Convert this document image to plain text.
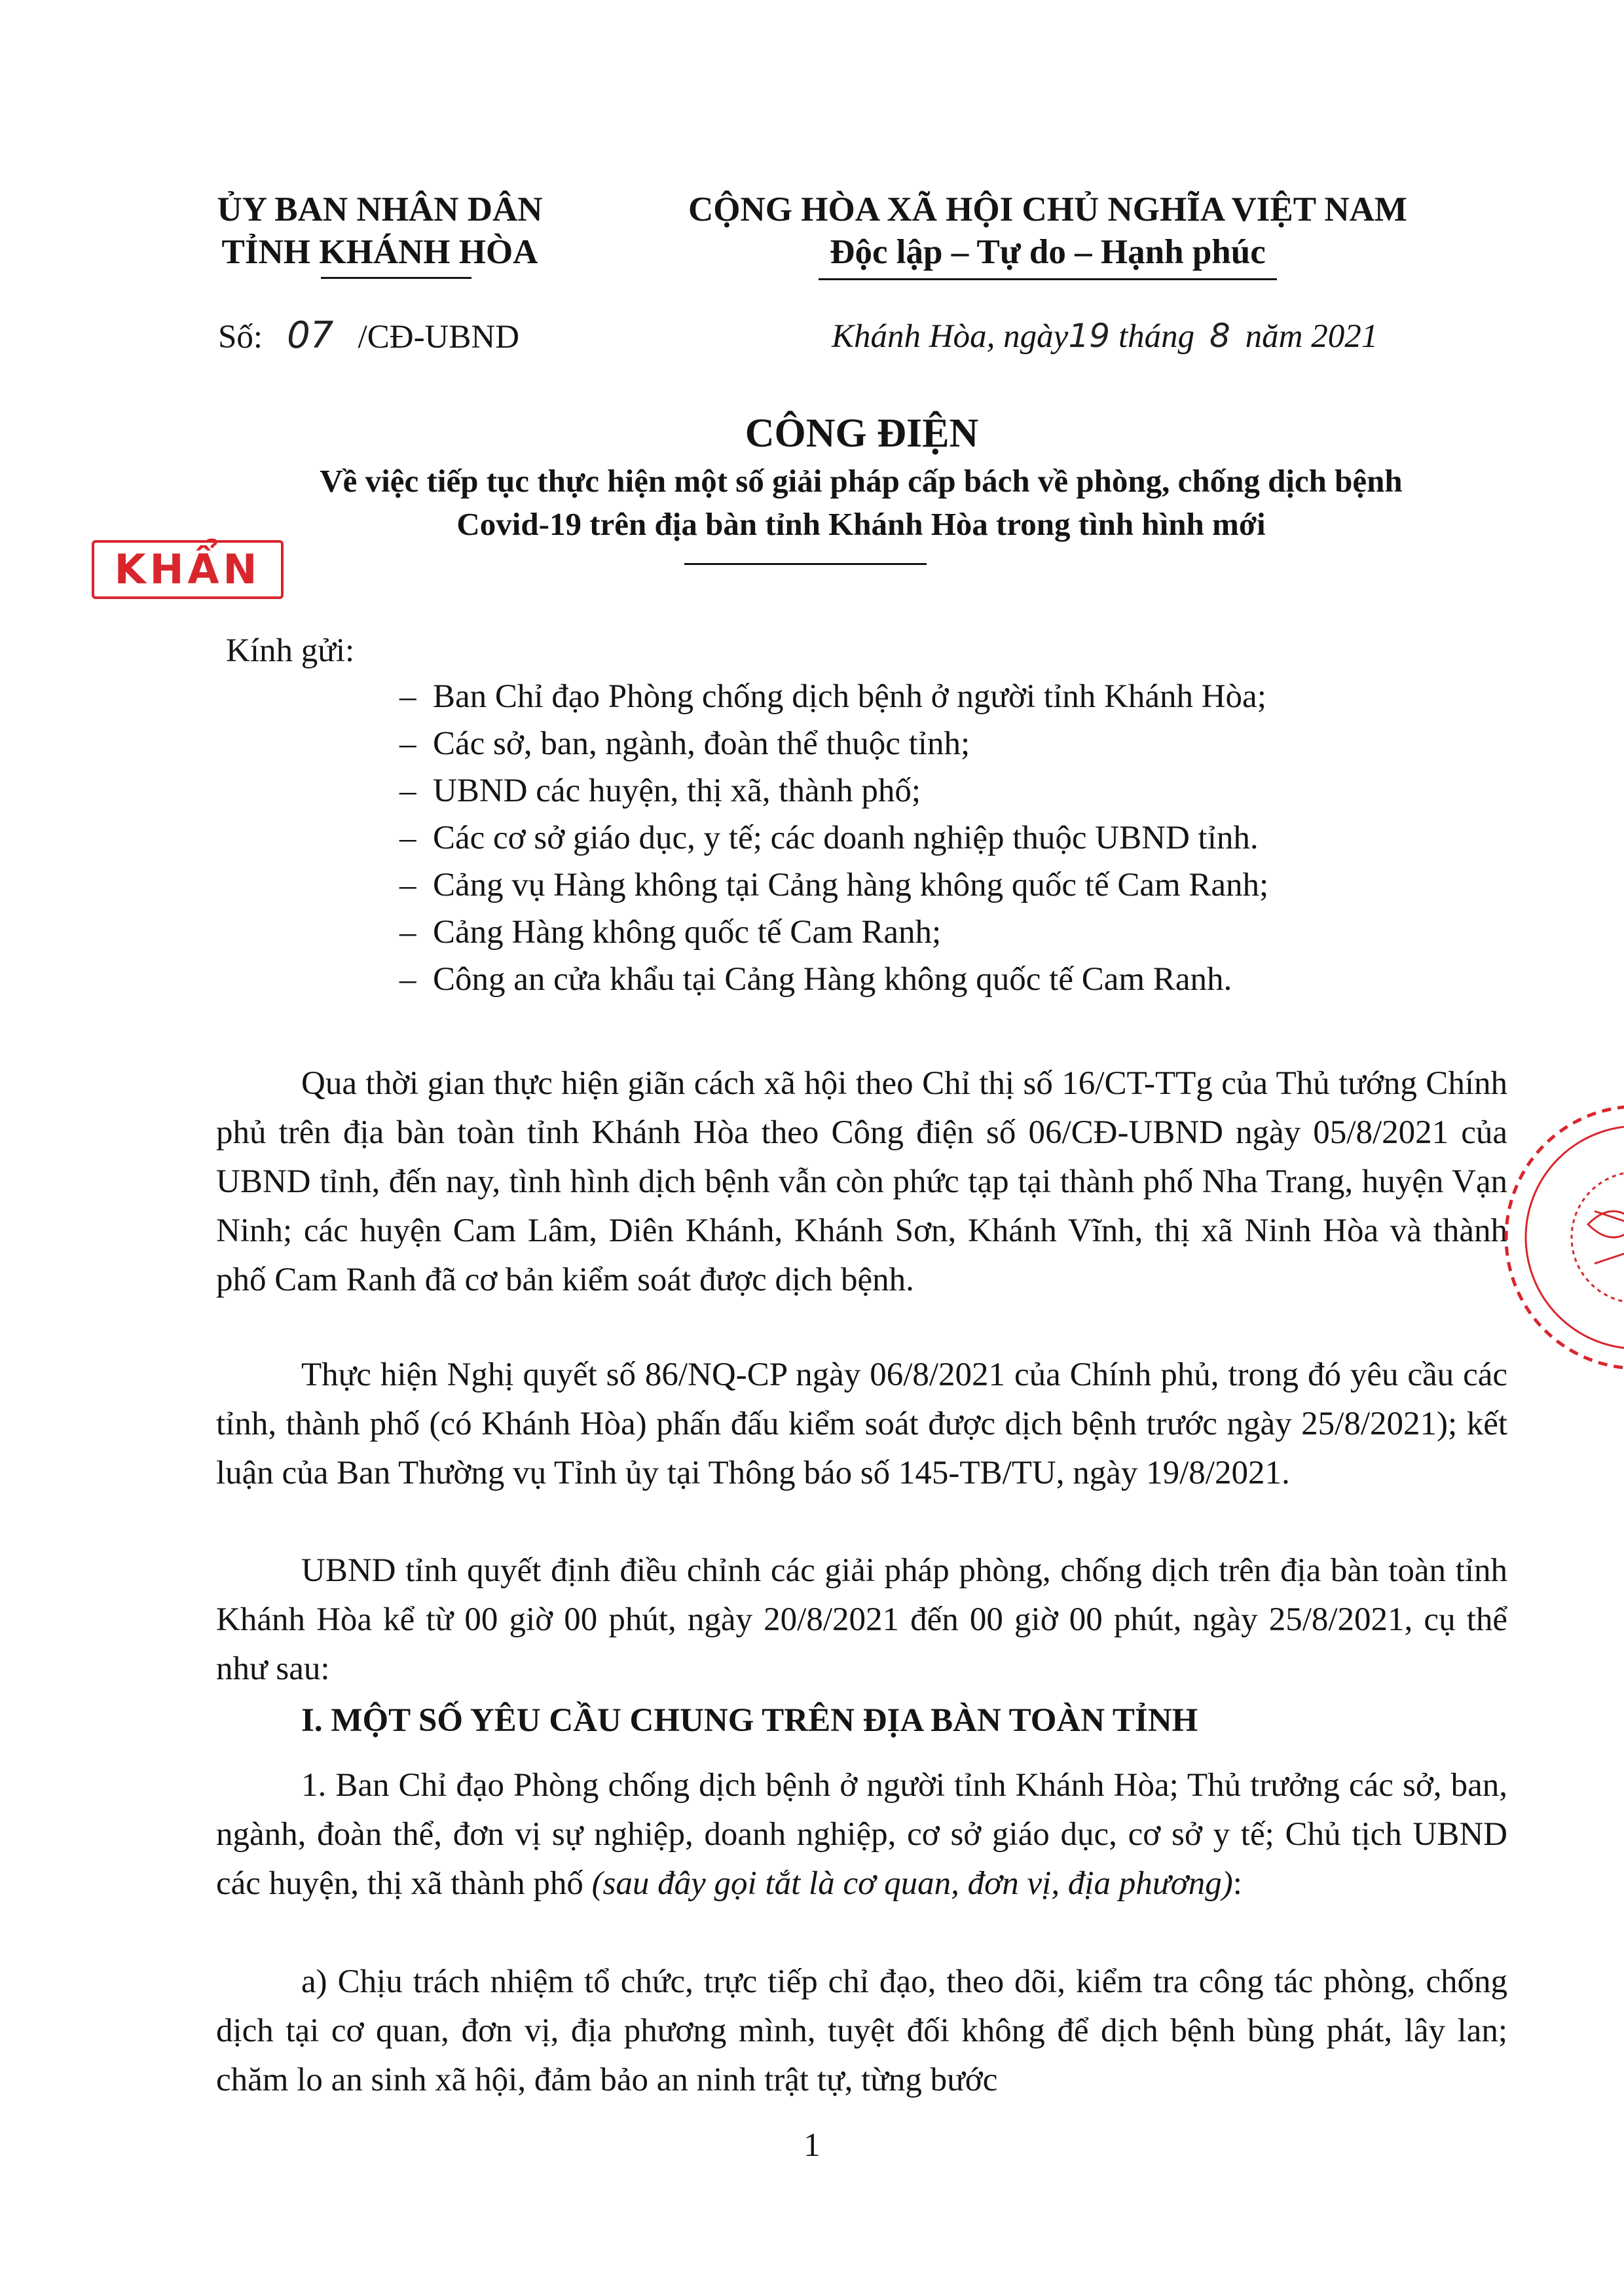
ỦY BAN NHÂN DÂN
TỈNH KHÁNH HÒA
CỘNG HÒA XÃ HỘI CHỦ NGHĨA VIỆT NAM
Độc lập – Tự do – Hạnh phúc
Số: 07 /CĐ-UBND	Khánh Hòa, ngày19 tháng 8 năm 2021
CÔNG ĐIỆN
Về việc tiếp tục thực hiện một số giải pháp cấp bách về phòng, chống dịch bệnh
Covid-19 trên địa bàn tỉnh Khánh Hòa trong tình hình mới
KHẨN
Kính gửi:
–  Ban Chỉ đạo Phòng chống dịch bệnh ở người tỉnh Khánh Hòa;
–  Các sở, ban, ngành, đoàn thể thuộc tỉnh;
–  UBND các huyện, thị xã, thành phố;
–  Các cơ sở giáo dục, y tế; các doanh nghiệp thuộc UBND tỉnh.
–  Cảng vụ Hàng không tại Cảng hàng không quốc tế Cam Ranh;
–  Cảng Hàng không quốc tế Cam Ranh;
–  Công an cửa khẩu tại Cảng Hàng không quốc tế Cam Ranh.

Qua thời gian thực hiện giãn cách xã hội theo Chỉ thị số 16/CT-TTg của Thủ tướng Chính phủ trên địa bàn toàn tỉnh Khánh Hòa theo Công điện số 06/CĐ-UBND ngày 05/8/2021 của UBND tỉnh, đến nay, tình hình dịch bệnh vẫn còn phức tạp tại thành phố Nha Trang, huyện Vạn Ninh; các huyện Cam Lâm, Diên Khánh, Khánh Sơn, Khánh Vĩnh, thị xã Ninh Hòa và thành phố Cam Ranh đã cơ bản kiểm soát được dịch bệnh.

Thực hiện Nghị quyết số 86/NQ-CP ngày 06/8/2021 của Chính phủ, trong đó yêu cầu các tỉnh, thành phố (có Khánh Hòa) phấn đấu kiểm soát được dịch bệnh trước ngày 25/8/2021); kết luận của Ban Thường vụ Tỉnh ủy tại Thông báo số 145-TB/TU, ngày 19/8/2021.

UBND tỉnh quyết định điều chỉnh các giải pháp phòng, chống dịch trên địa bàn toàn tỉnh Khánh Hòa kể từ 00 giờ 00 phút, ngày 20/8/2021 đến 00 giờ 00 phút, ngày 25/8/2021, cụ thể như sau:

I. MỘT SỐ YÊU CẦU CHUNG TRÊN ĐỊA BÀN TOÀN TỈNH

1. Ban Chỉ đạo Phòng chống dịch bệnh ở người tỉnh Khánh Hòa; Thủ trưởng các sở, ban, ngành, đoàn thể, đơn vị sự nghiệp, doanh nghiệp, cơ sở giáo dục, cơ sở y tế; Chủ tịch UBND các huyện, thị xã thành phố (sau đây gọi tắt là cơ quan, đơn vị, địa phương):

a) Chịu trách nhiệm tổ chức, trực tiếp chỉ đạo, theo dõi, kiểm tra công tác phòng, chống dịch tại cơ quan, đơn vị, địa phương mình, tuyệt đối không để dịch bệnh bùng phát, lây lan; chăm lo an sinh xã hội, đảm bảo an ninh trật tự, từng bước

1
